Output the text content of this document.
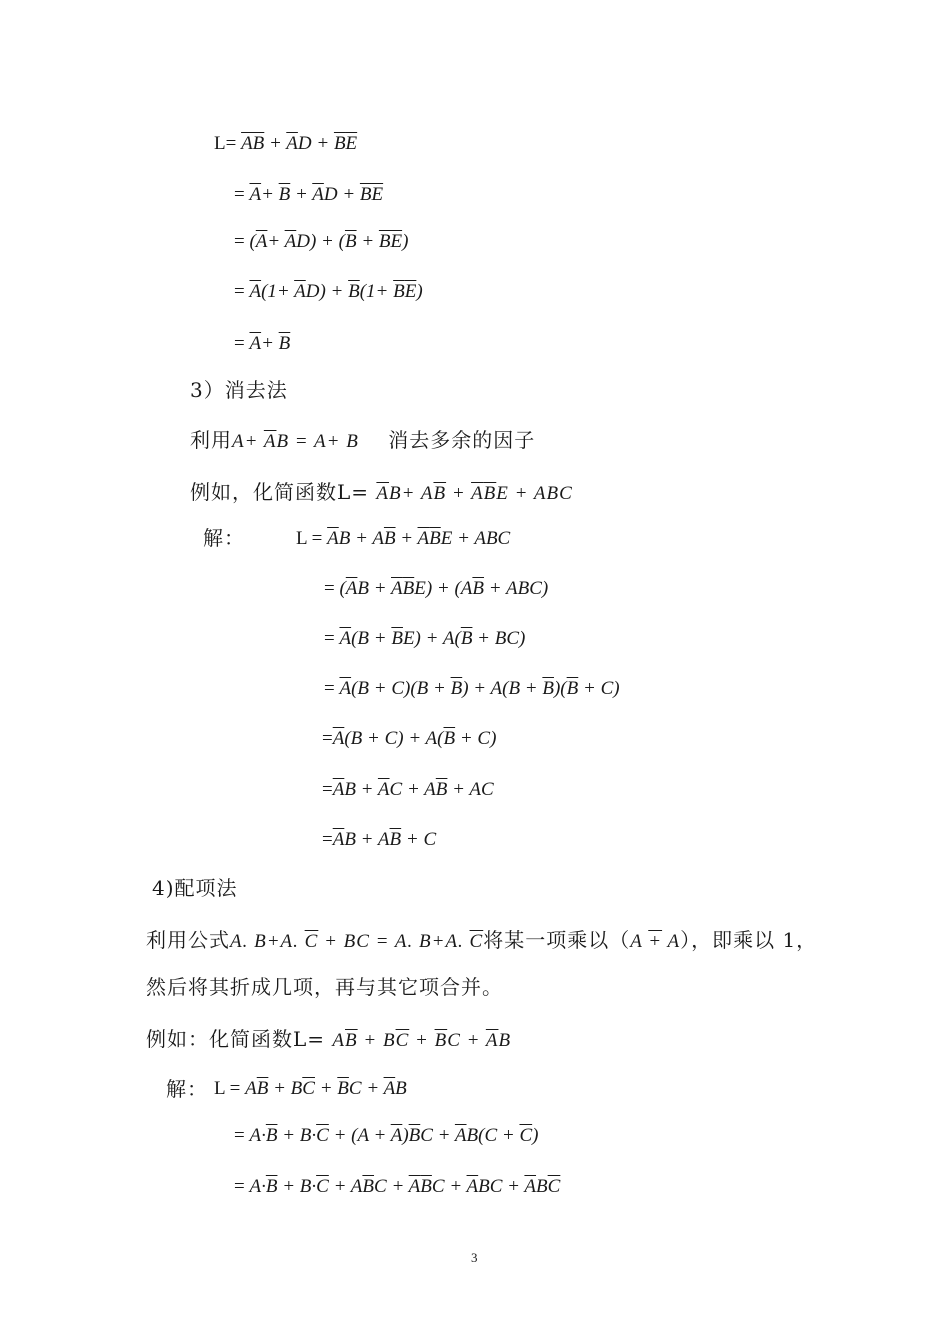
$L= \overline{AB} + \overline{A}D + \overline{B}\overline{E}$
= $\overline{A}+ \overline{B} + \overline{A}D + \overline{B}\overline{E}$
= $(\overline{A}+ \overline{A}D) + (\overline{B} + \overline{B}\overline{E})$
= $\overline{A}(1+ \overline{A}D) + \overline{B}(1+ \overline{B}\overline{E})$
= $\overline{A}+ \overline{B}$
3）消去法
利用$A+ \overline{A}B = A+ B$    消去多余的因子
例如，化简函数$L= \overline{A}B+ A\overline{B} + \overline{A}\overline{B}E$ + ABC
解：	$L = \overline{A}B + A\overline{B} + \overline{A}\overline{B}E$ + ABC
= $(\overline{A}B + \overline{A}\overline{B}E) + (A\overline{B} + ABC)$
= $\overline{A}(B + \overline{B}E) + A(\overline{B} + BC)$
= $\overline{A}(B + C)(B + \overline{B}) + A(B + \overline{B})(\overline{B} + C)$
$=\overline{A}(B + C) + A(\overline{B} + C)$
$=\overline{A}B + \overline{A}C + A\overline{B}$ + AC
$=\overline{A}B + A\overline{B} + C$
4)配项法
利用公式A. B+A. $\overline{C}$ + BC = A. B+A. $\overline{C}$将某一项乘以（A + A），即乘以 1，
然后将其折成几项，再与其它项合并。
例如：化简函数$L= A\overline{B} + B\overline{C} + \overline{B}C + \overline{A}B$
解： $L = A\overline{B} + B\overline{C} + \overline{B}C + \overline{A}B$
= $A\cdot\overline{B} + B\cdot\overline{C} + (A + \overline{A})\overline{B}C + \overline{A}B(C + \overline{C})$
= $A\cdot\overline{B} + B\cdot\overline{C} + A\overline{B}C + \overline{A}\overline{B}C + \overline{A}BC + \overline{A}B\overline{C}$
3
